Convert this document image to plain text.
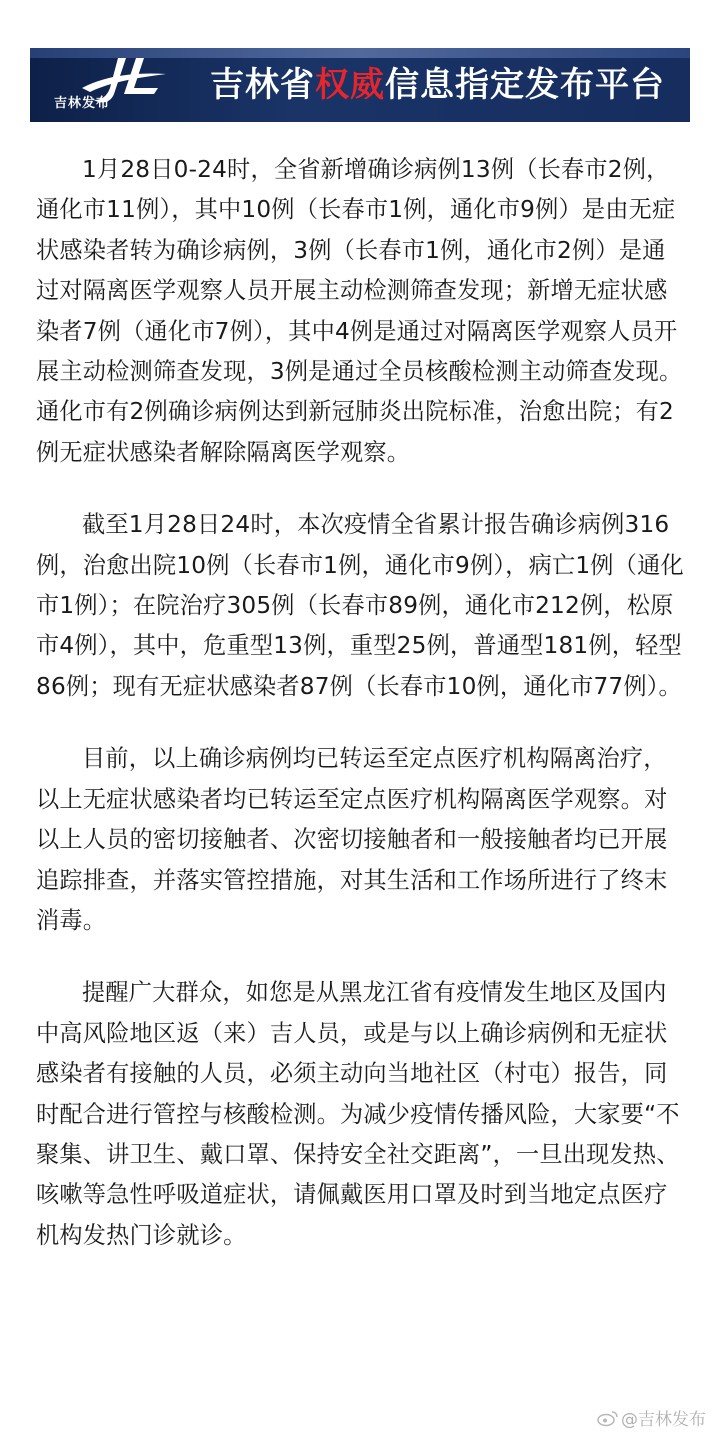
吉林发布	吉林省权威信息指定发布平台

1月28日0-24时，全省新增确诊病例13例（长春市2例，通化市11例），其中10例（长春市1例，通化市9例）是由无症状感染者转为确诊病例，3例（长春市1例，通化市2例）是通过对隔离医学观察人员开展主动检测筛查发现；新增无症状感染者7例（通化市7例），其中4例是通过对隔离医学观察人员开展主动检测筛查发现，3例是通过全员核酸检测主动筛查发现。通化市有2例确诊病例达到新冠肺炎出院标准，治愈出院；有2例无症状感染者解除隔离医学观察。

截至1月28日24时，本次疫情全省累计报告确诊病例316例，治愈出院10例（长春市1例，通化市9例），病亡1例（通化市1例）；在院治疗305例（长春市89例，通化市212例，松原市4例），其中，危重型13例，重型25例，普通型181例，轻型86例；现有无症状感染者87例（长春市10例，通化市77例）。

目前，以上确诊病例均已转运至定点医疗机构隔离治疗，以上无症状感染者均已转运至定点医疗机构隔离医学观察。对以上人员的密切接触者、次密切接触者和一般接触者均已开展追踪排查，并落实管控措施，对其生活和工作场所进行了终末消毒。

提醒广大群众，如您是从黑龙江省有疫情发生地区及国内中高风险地区返（来）吉人员，或是与以上确诊病例和无症状感染者有接触的人员，必须主动向当地社区（村屯）报告，同时配合进行管控与核酸检测。为减少疫情传播风险，大家要“不聚集、讲卫生、戴口罩、保持安全社交距离”，一旦出现发热、咳嗽等急性呼吸道症状，请佩戴医用口罩及时到当地定点医疗机构发热门诊就诊。

@吉林发布
